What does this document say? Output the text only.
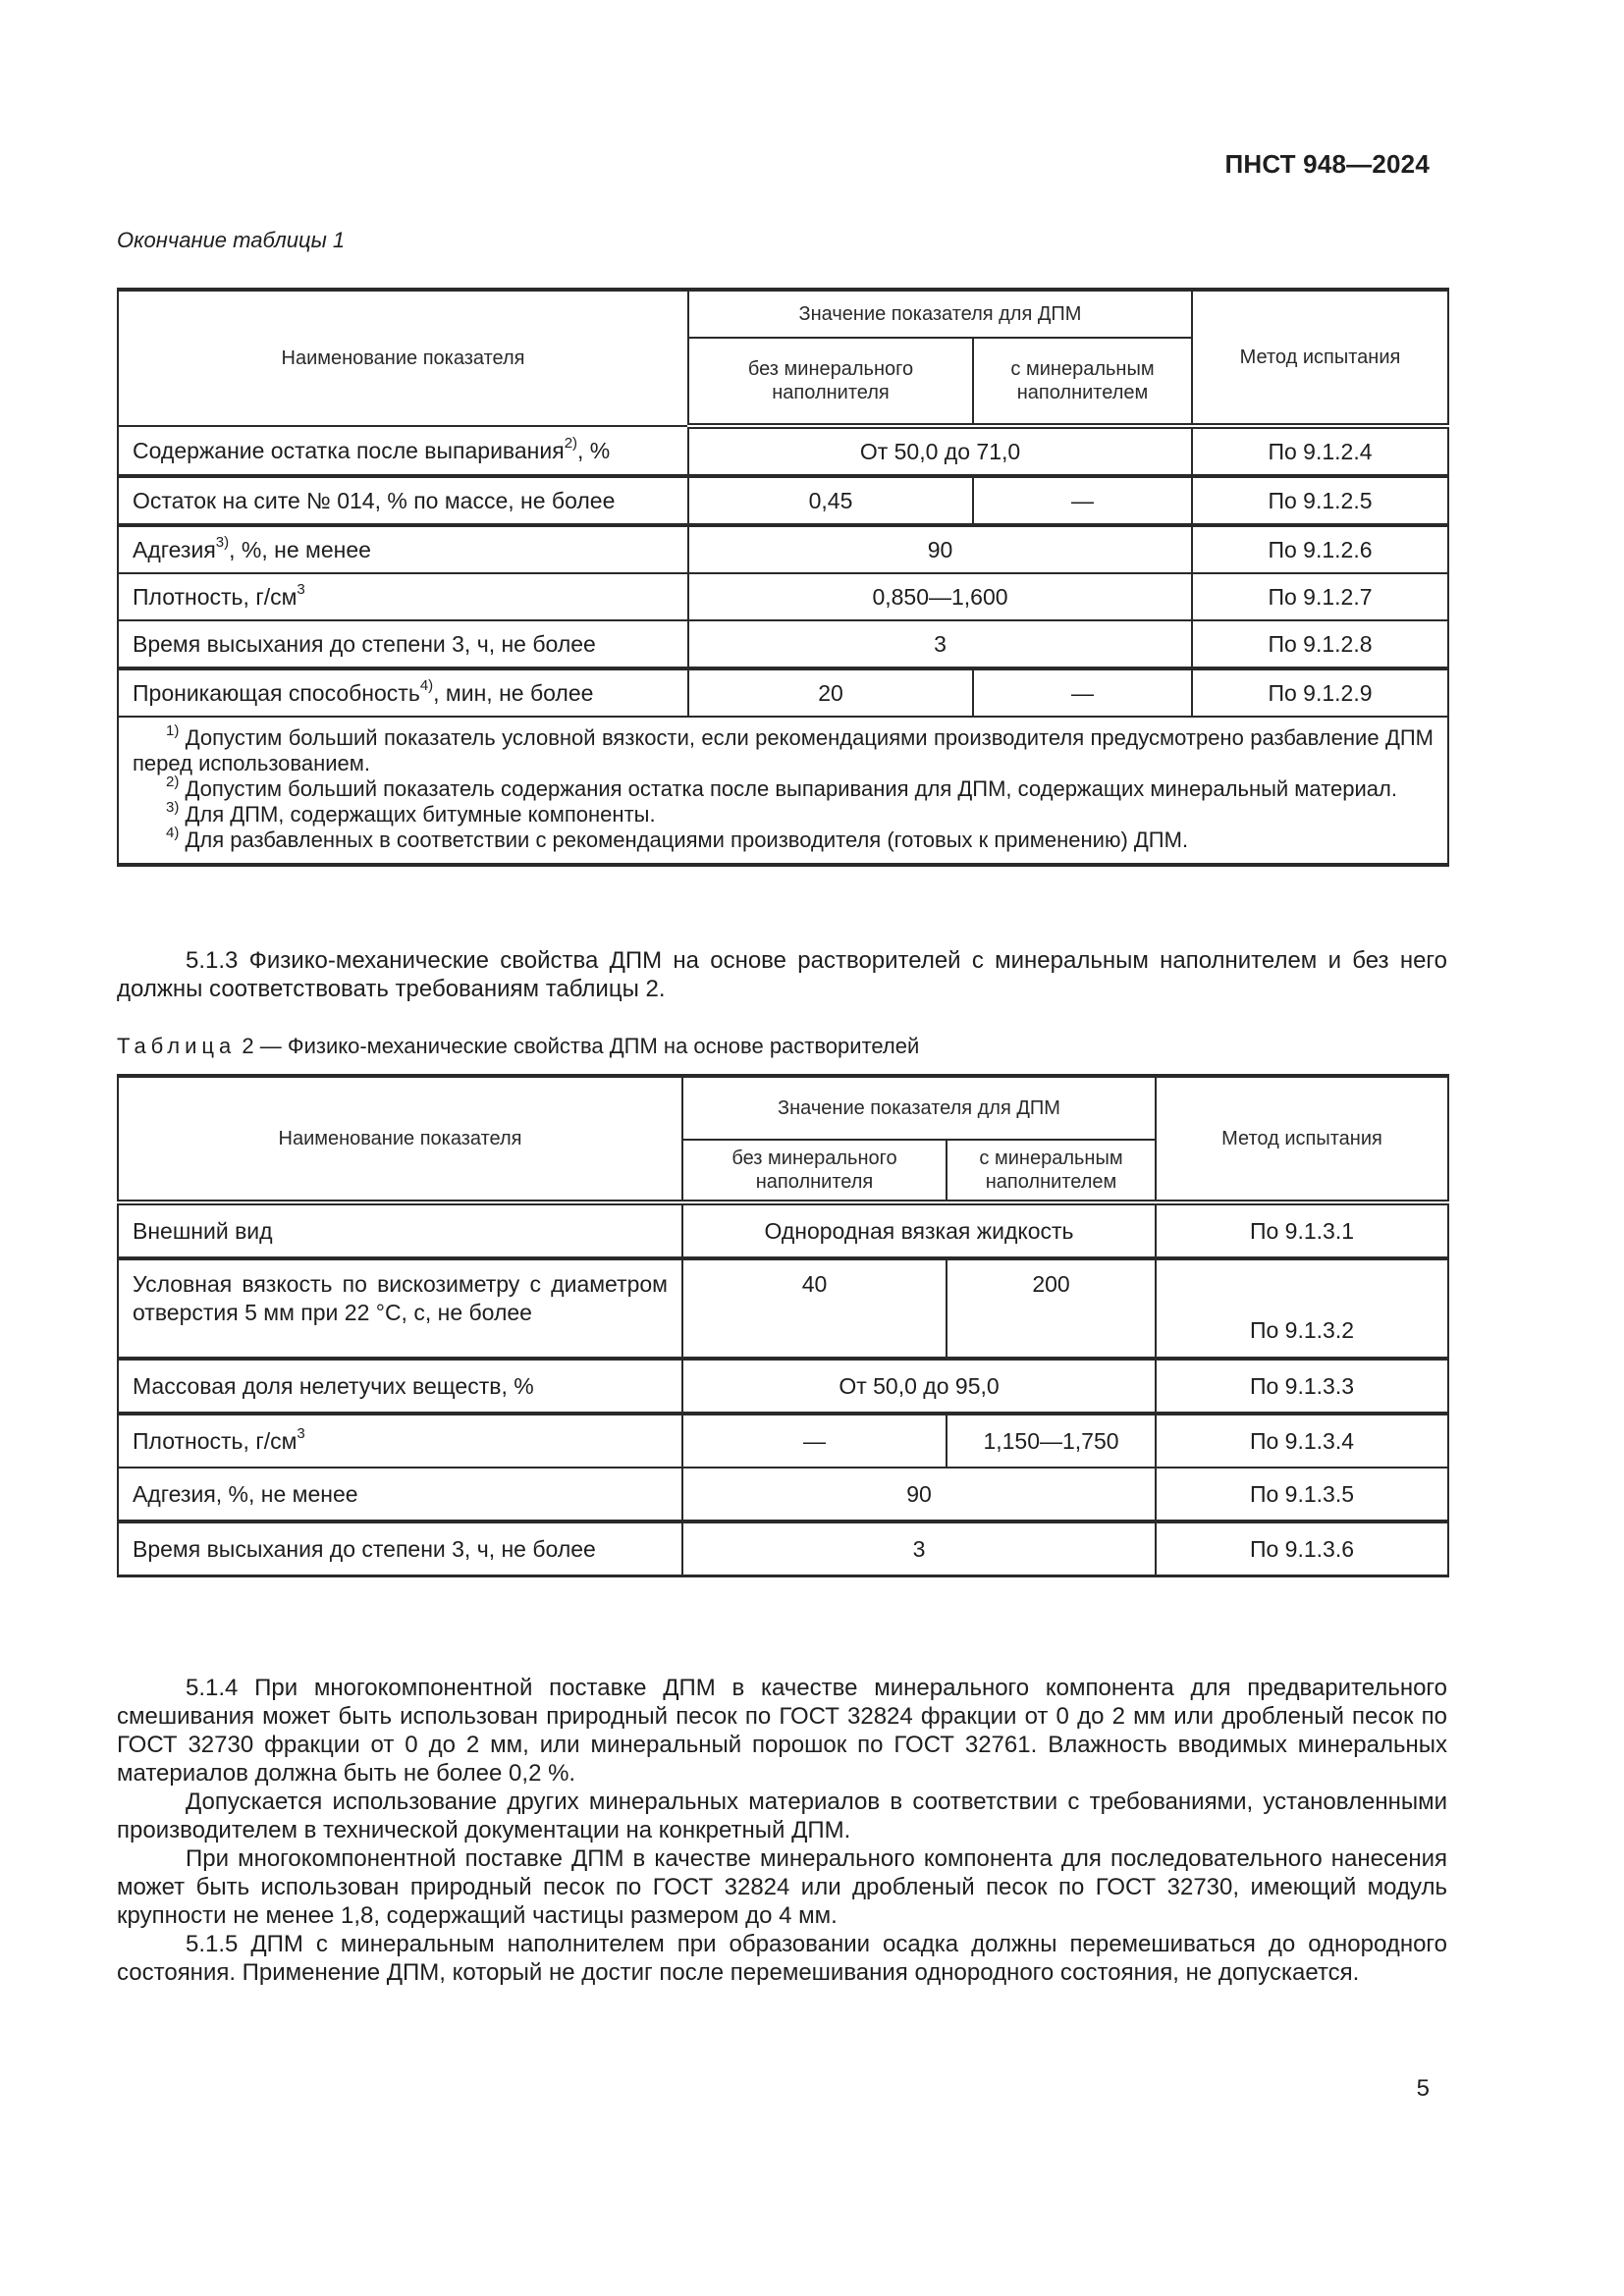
ПНСТ 948—2024
Окончание таблицы 1
Наименование показателя	Значение показателя для ДПМ		Метод испытания
	без минерального наполнителя	с минеральным наполнителем	
Содержание остатка после выпаривания$^{2)}$, %	От 50,0 до 71,0		По 9.1.2.4
Остаток на сите № 014, % по массе, не более	0,45	—	По 9.1.2.5
Адгезия$^{3)}$, %, не менее	90		По 9.1.2.6
Плотность, $г/см^3$	0,850—1,600		По 9.1.2.7
Время высыхания до степени 3, ч, не более	3		По 9.1.2.8
Проникающая способность$^{4)}$, мин, не более	20	—	По 9.1.2.9

$^{1)}$ Допустим больший показатель условной вязкости, если рекомендациями производителя предусмотрено разбавление ДПМ перед использованием.

$^{2)}$ Допустим больший показатель содержания остатка после выпаривания для ДПМ, содержащих минеральный материал.

$^{3)}$ Для ДПМ, содержащих битумные компоненты.

$^{4)}$ Для разбавленных в соответствии с рекомендациями производителя (готовых к применению) ДПМ.			

5.1.3 Физико-механические свойства ДПМ на основе растворителей с минеральным наполнителем и без него должны соответствовать требованиям таблицы 2.

Таблица 2 — Физико-механические свойства ДПМ на основе растворителей
Наименование показателя	Значение показателя для ДПМ		Метод испытания
	без минерального наполнителя	с минеральным наполнителем	
Внешний вид	Однородная вязкая жидкость		По 9.1.3.1
Условная вязкость по вискозиметру с диаметром отверстия 5 мм при 22 °С, с, не более	40	200	По 9.1.3.2
Массовая доля нелетучих веществ, %	От 50,0 до 95,0		По 9.1.3.3
Плотность, $г/см^3$	—	1,150—1,750	По 9.1.3.4
Адгезия, %, не менее	90		По 9.1.3.5
Время высыхания до степени 3, ч, не более	3		По 9.1.3.6

5.1.4 При многокомпонентной поставке ДПМ в качестве минерального компонента для предварительного смешивания может быть использован природный песок по ГОСТ 32824 фракции от 0 до 2 мм или дробленый песок по ГОСТ 32730 фракции от 0 до 2 мм, или минеральный порошок по ГОСТ 32761. Влажность вводимых минеральных материалов должна быть не более 0,2 %.

Допускается использование других минеральных материалов в соответствии с требованиями, установленными производителем в технической документации на конкретный ДПМ.

При многокомпонентной поставке ДПМ в качестве минерального компонента для последовательного нанесения может быть использован природный песок по ГОСТ 32824 или дробленый песок по ГОСТ 32730, имеющий модуль крупности не менее 1,8, содержащий частицы размером до 4 мм.

5.1.5 ДПМ с минеральным наполнителем при образовании осадка должны перемешиваться до однородного состояния. Применение ДПМ, который не достиг после перемешивания однородного состояния, не допускается.

5
